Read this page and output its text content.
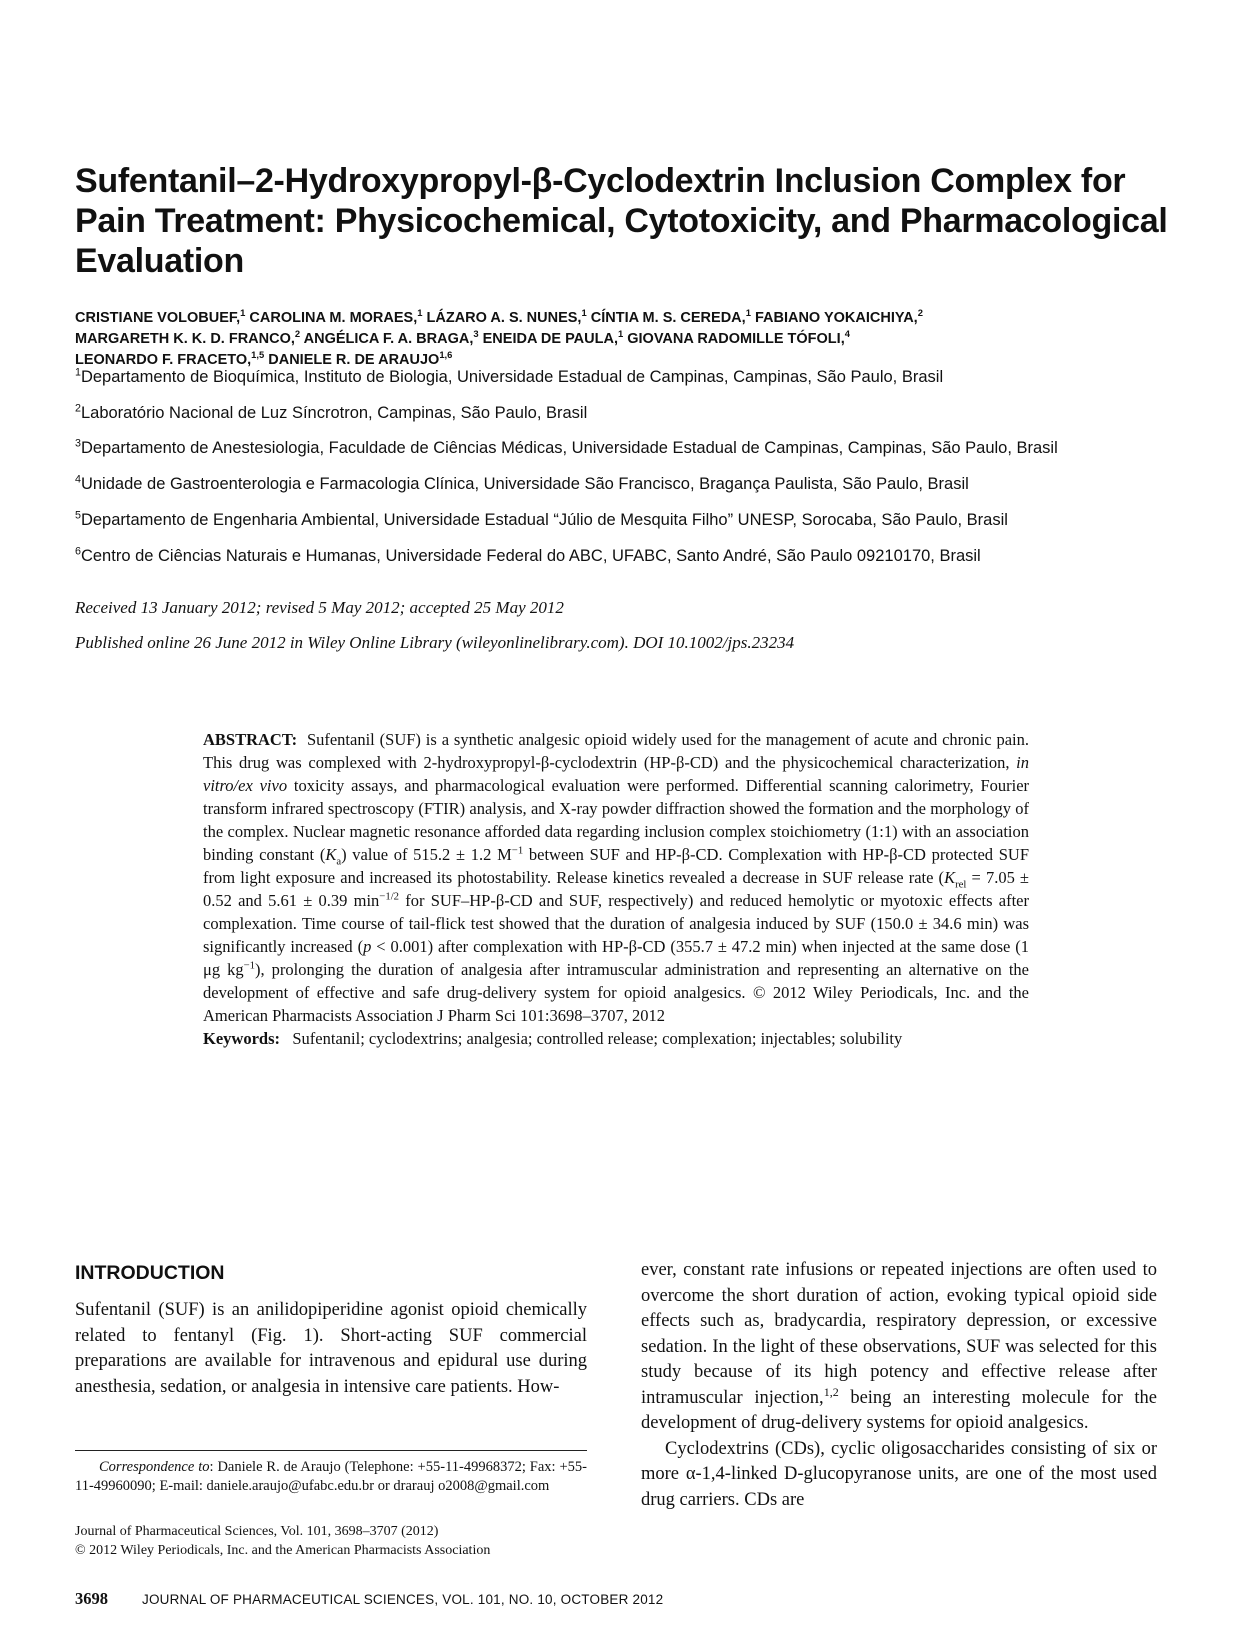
Sufentanil–2-Hydroxypropyl-β-Cyclodextrin Inclusion Complex for Pain Treatment: Physicochemical, Cytotoxicity, and Pharmacological Evaluation
CRISTIANE VOLOBUEF,$^1$ CAROLINA M. MORAES,$^1$ LÁZARO A. S. NUNES,$^1$ CÍNTIA M. S. CEREDA,$^1$ FABIANO YOKAICHIYA,$^2$
MARGARETH K. K. D. FRANCO,$^2$ ANGÉLICA F. A. BRAGA,$^3$ ENEIDA DE PAULA,$^1$ GIOVANA RADOMILLE TÓFOLI,$^4$
LEONARDO F. FRACETO,$^{1,5}$ DANIELE R. DE ARAUJO$^{1,6}$
$^1$Departamento de Bioquímica, Instituto de Biologia, Universidade Estadual de Campinas, Campinas, São Paulo, Brasil
$^2$Laboratório Nacional de Luz Síncrotron, Campinas, São Paulo, Brasil
$^3$Departamento de Anestesiologia, Faculdade de Ciências Médicas, Universidade Estadual de Campinas, Campinas, São Paulo, Brasil
$^4$Unidade de Gastroenterologia e Farmacologia Clínica, Universidade São Francisco, Bragança Paulista, São Paulo, Brasil
$^5$Departamento de Engenharia Ambiental, Universidade Estadual “Júlio de Mesquita Filho” UNESP, Sorocaba, São Paulo, Brasil
$^6$Centro de Ciências Naturais e Humanas, Universidade Federal do ABC, UFABC, Santo André, São Paulo 09210170, Brasil
Received 13 January 2012; revised 5 May 2012; accepted 25 May 2012
Published online 26 June 2012 in Wiley Online Library (wileyonlinelibrary.com). DOI 10.1002/jps.23234
ABSTRACT: Sufentanil (SUF) is a synthetic analgesic opioid widely used for the management of acute and chronic pain. This drug was complexed with 2-hydroxypropyl-β-cyclodextrin (HP-β-CD) and the physicochemical characterization, in vitro/ex vivo toxicity assays, and pharmacological evaluation were performed. Differential scanning calorimetry, Fourier transform infrared spectroscopy (FTIR) analysis, and X-ray powder diffraction showed the formation and the morphology of the complex. Nuclear magnetic resonance afforded data regarding inclusion complex stoichiometry (1:1) with an association binding constant $(K_a)$ value of 515.2 ± 1.2 $M^{-1}$ between SUF and HP-β-CD. Complexation with HP-β-CD protected SUF from light exposure and increased its photostability. Release kinetics revealed a decrease in SUF release rate ($K_{rel} = 7.05 \pm 0.52$ and 5.61 ± 0.39 $\min^{-1/2}$ for SUF–HP-β-CD and SUF, respectively) and reduced hemolytic or myotoxic effects after complexation. Time course of tail-flick test showed that the duration of analgesia induced by SUF (150.0 ± 34.6 min) was significantly increased (p < 0.001) after complexation with HP-β-CD (355.7 ± 47.2 min) when injected at the same dose (1 μg $kg^{-1}$), prolonging the duration of analgesia after intramuscular administration and representing an alternative on the development of effective and safe drug-delivery system for opioid analgesics. © 2012 Wiley Periodicals, Inc. and the American Pharmacists Association J Pharm Sci 101:3698–3707, 2012
Keywords: Sufentanil; cyclodextrins; analgesia; controlled release; complexation; injectables; solubility
INTRODUCTION
Sufentanil (SUF) is an anilidopiperidine agonist opioid chemically related to fentanyl (Fig. 1). Short-acting SUF commercial preparations are available for intravenous and epidural use during anesthesia, sedation, or analgesia in intensive care patients. How-
ever, constant rate infusions or repeated injections are often used to overcome the short duration of action, evoking typical opioid side effects such as, bradycardia, respiratory depression, or excessive sedation. In the light of these observations, SUF was selected for this study because of its high potency and effective release after intramuscular injection,$^{1,2}$ being an interesting molecule for the development of drug-delivery systems for opioid analgesics.
Cyclodextrins (CDs), cyclic oligosaccharides consisting of six or more α-1,4-linked D-glucopyranose units, are one of the most used drug carriers. CDs are
Correspondence to: Daniele R. de Araujo (Telephone: +55-11-49968372; Fax: +55-11-49960090; E-mail: daniele.araujo@ufabc.edu.br or drarauj o2008@gmail.com
Journal of Pharmaceutical Sciences, Vol. 101, 3698–3707 (2012)
© 2012 Wiley Periodicals, Inc. and the American Pharmacists Association
3698	JOURNAL OF PHARMACEUTICAL SCIENCES, VOL. 101, NO. 10, OCTOBER 2012
